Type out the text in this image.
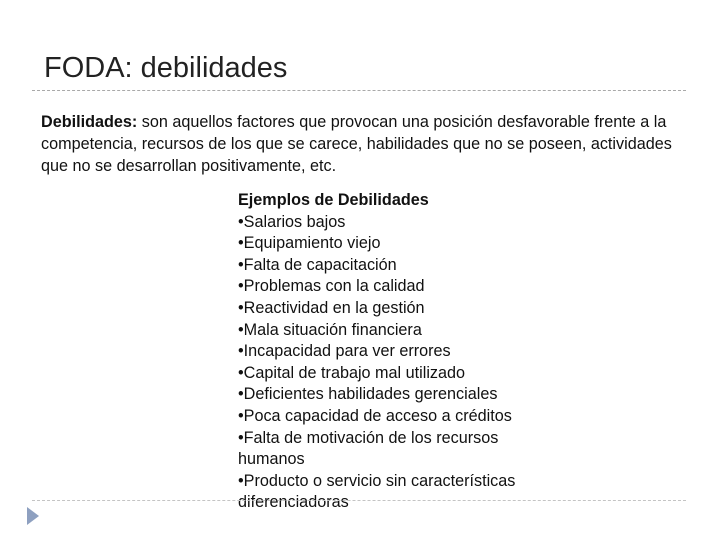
FODA: debilidades

Debilidades: son aquellos factores que provocan una posición desfavorable frente a la competencia, recursos de los que se carece, habilidades que no se poseen, actividades que no se desarrollan positivamente, etc.

Ejemplos de Debilidades
•Salarios bajos
•Equipamiento viejo
•Falta de capacitación
•Problemas con la calidad
•Reactividad en la gestión
•Mala situación financiera
•Incapacidad para ver errores
•Capital de trabajo mal utilizado
•Deficientes habilidades gerenciales
•Poca capacidad de acceso a créditos
•Falta de motivación de los recursos humanos
•Producto o servicio sin características diferenciadoras
